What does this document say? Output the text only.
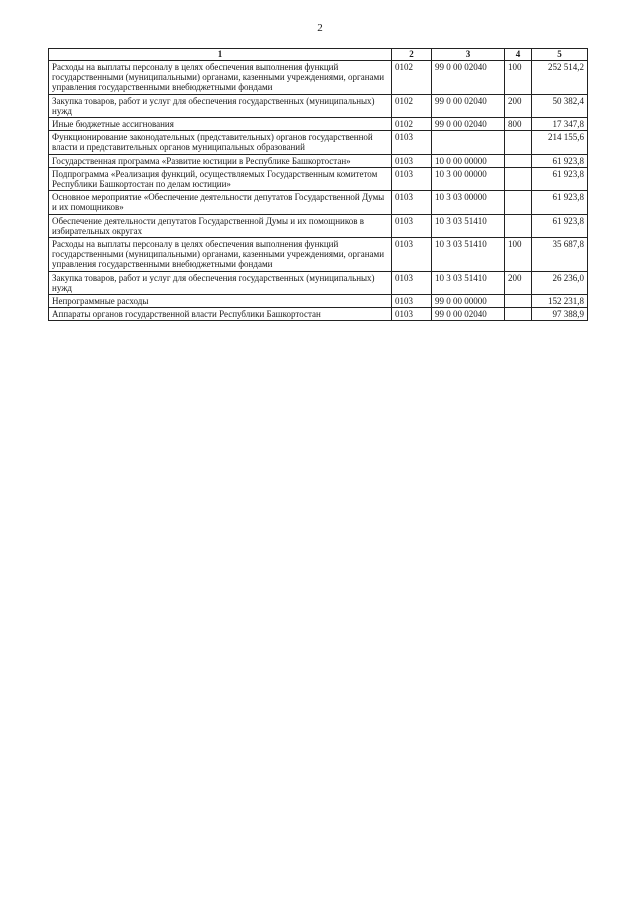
2
1	2	3	4	5
Расходы на выплаты персоналу в целях обеспечения выполнения функций государственными (муниципальными) органами, казенными учреждениями, органами управления государственными внебюджетными фондами	0102	99 0 00 02040	100	252 514,2
Закупка товаров, работ и услуг для обеспечения государственных (муниципальных) нужд	0102	99 0 00 02040	200	50 382,4
Иные бюджетные ассигнования	0102	99 0 00 02040	800	17 347,8
Функционирование законодательных (представительных) органов государственной власти и представительных органов муниципальных образований	0103			214 155,6
Государственная программа «Развитие юстиции в Республике Башкортостан»	0103	10 0 00 00000		61 923,8
Подпрограмма «Реализация функций, осуществляемых Государственным комитетом Республики Башкортостан по делам юстиции»	0103	10 3 00 00000		61 923,8
Основное мероприятие «Обеспечение деятельности депутатов Государственной Думы и их помощников»	0103	10 3 03 00000		61 923,8
Обеспечение деятельности депутатов Государственной Думы и их помощников в избирательных округах	0103	10 3 03 51410		61 923,8
Расходы на выплаты персоналу в целях обеспечения выполнения функций государственными (муниципальными) органами, казенными учреждениями, органами управления государственными внебюджетными фондами	0103	10 3 03 51410	100	35 687,8
Закупка товаров, работ и услуг для обеспечения государственных (муниципальных) нужд	0103	10 3 03 51410	200	26 236,0
Непрограммные расходы	0103	99 0 00 00000		152 231,8
Аппараты органов государственной власти Республики Башкортостан	0103	99 0 00 02040		97 388,9
